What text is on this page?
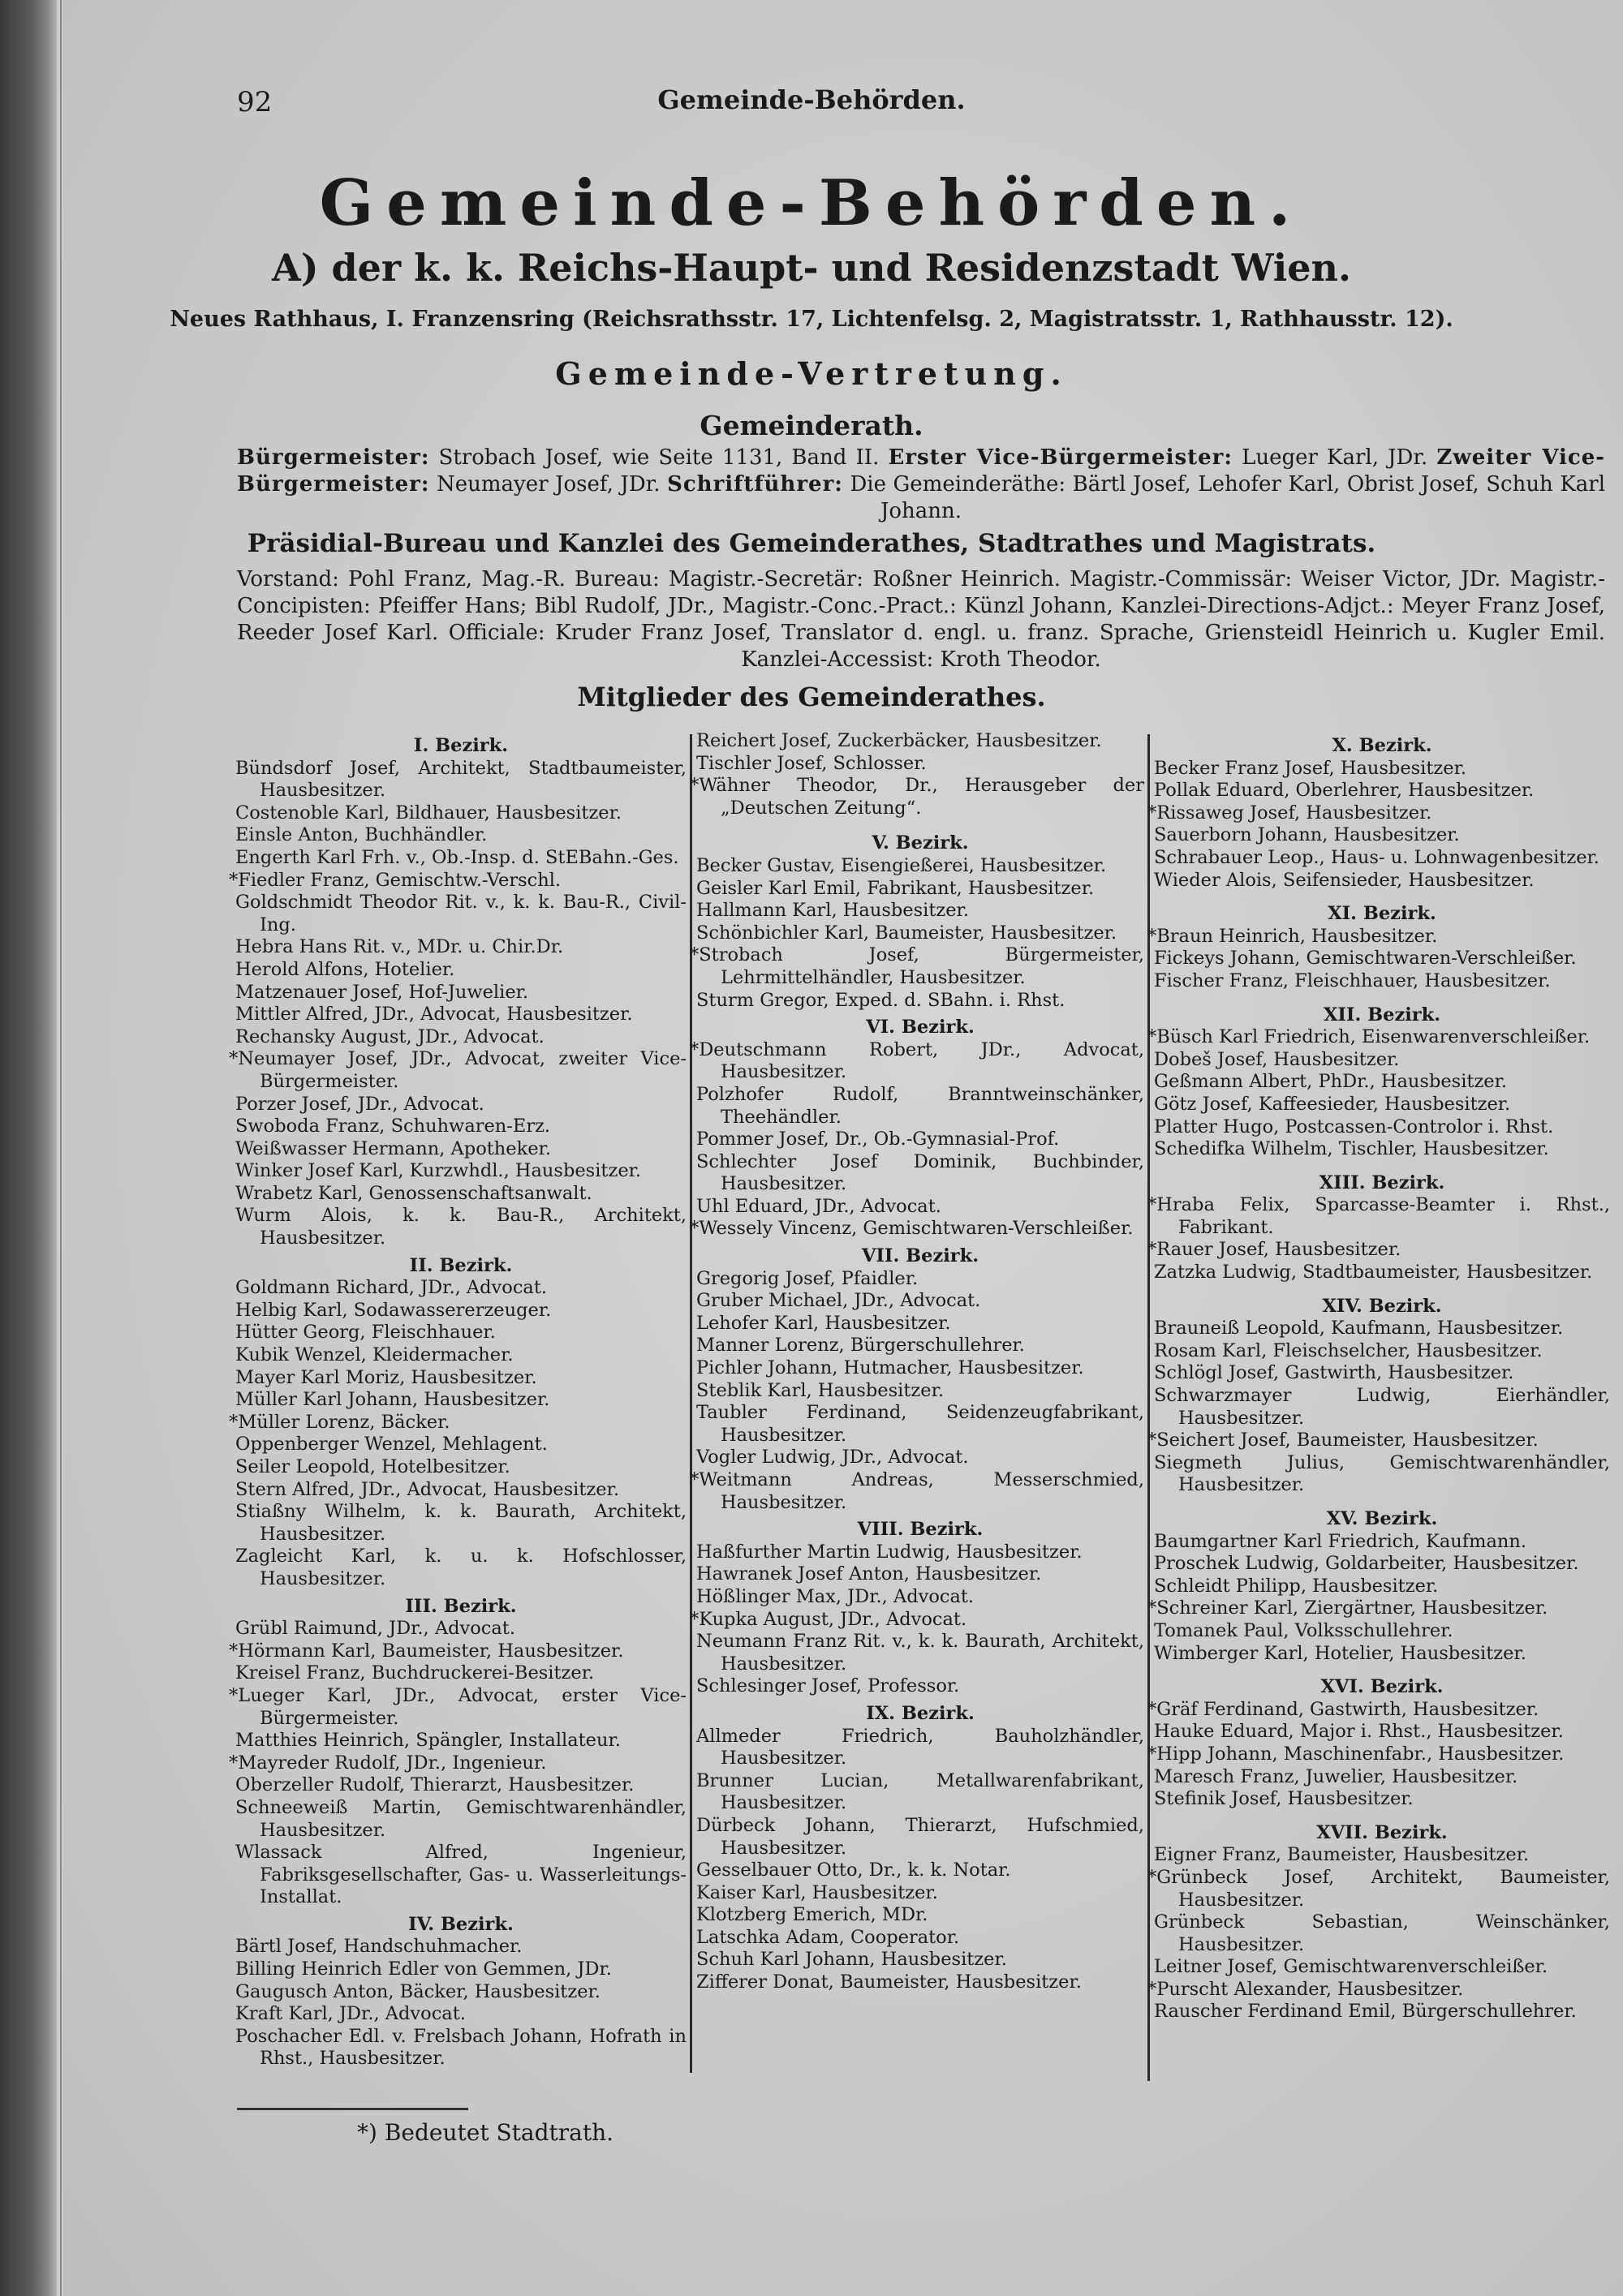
92	Gemeinde-Behörden.
Gemeinde-Behörden.
A) der k. k. Reichs-Haupt- und Residenzstadt Wien.
Neues Rathhaus, I. Franzensring (Reichsrathsstr. 17, Lichtenfelsg. 2, Magistratsstr. 1, Rathhausstr. 12).
Gemeinde-Vertretung.
Gemeinderath.
Bürgermeister: Strobach Josef, wie Seite 1131, Band II. Erster Vice-Bürgermeister: Lueger Karl, JDr. Zweiter Vice-Bürgermeister: Neumayer Josef, JDr. Schriftführer: Die Gemeinderäthe: Bärtl Josef, Lehofer Karl, Obrist Josef, Schuh Karl Johann.
Präsidial-Bureau und Kanzlei des Gemeinderathes, Stadtrathes und Magistrats.
Vorstand: Pohl Franz, Mag.-R. Bureau: Magistr.-Secretär: Roßner Heinrich. Magistr.-Commissär: Weiser Victor, JDr. Magistr.-Concipisten: Pfeiffer Hans; Bibl Rudolf, JDr., Magistr.-Conc.-Pract.: Künzl Johann, Kanzlei-Directions-Adjct.: Meyer Franz Josef, Reeder Josef Karl. Officiale: Kruder Franz Josef, Translator d. engl. u. franz. Sprache, Griensteidl Heinrich u. Kugler Emil. Kanzlei-Accessist: Kroth Theodor.
Mitglieder des Gemeinderathes.
I. Bezirk.

Bündsdorf Josef, Architekt, Stadtbaumeister, Hausbesitzer.

Costenoble Karl, Bildhauer, Hausbesitzer.

Einsle Anton, Buchhändler.

Engerth Karl Frh. v., Ob.-Insp. d. StEBahn.-Ges.

*Fiedler Franz, Gemischtw.-Verschl.

Goldschmidt Theodor Rit. v., k. k. Bau-R., Civil-Ing.

Hebra Hans Rit. v., MDr. u. Chir.Dr.

Herold Alfons, Hotelier.

Matzenauer Josef, Hof-Juwelier.

Mittler Alfred, JDr., Advocat, Hausbesitzer.

Rechansky August, JDr., Advocat.

*Neumayer Josef, JDr., Advocat, zweiter Vice-Bürgermeister.

Porzer Josef, JDr., Advocat.

Swoboda Franz, Schuhwaren-Erz.

Weißwasser Hermann, Apotheker.

Winker Josef Karl, Kurzwhdl., Hausbesitzer.

Wrabetz Karl, Genossenschaftsanwalt.

Wurm Alois, k. k. Bau-R., Architekt, Hausbesitzer.

II. Bezirk.

Goldmann Richard, JDr., Advocat.

Helbig Karl, Sodawassererzeuger.

Hütter Georg, Fleischhauer.

Kubik Wenzel, Kleidermacher.

Mayer Karl Moriz, Hausbesitzer.

Müller Karl Johann, Hausbesitzer.

*Müller Lorenz, Bäcker.

Oppenberger Wenzel, Mehlagent.

Seiler Leopold, Hotelbesitzer.

Stern Alfred, JDr., Advocat, Hausbesitzer.

Stiaßny Wilhelm, k. k. Baurath, Architekt, Hausbesitzer.

Zagleicht Karl, k. u. k. Hofschlosser, Hausbesitzer.

III. Bezirk.

Grübl Raimund, JDr., Advocat.

*Hörmann Karl, Baumeister, Hausbesitzer.

Kreisel Franz, Buchdruckerei-Besitzer.

*Lueger Karl, JDr., Advocat, erster Vice-Bürgermeister.

Matthies Heinrich, Spängler, Installateur.

*Mayreder Rudolf, JDr., Ingenieur.

Oberzeller Rudolf, Thierarzt, Hausbesitzer.

Schneeweiß Martin, Gemischtwarenhändler, Hausbesitzer.

Wlassack Alfred, Ingenieur, Fabriksgesellschafter, Gas- u. Wasserleitungs-Installat.

IV. Bezirk.

Bärtl Josef, Handschuhmacher.

Billing Heinrich Edler von Gemmen, JDr.

Gaugusch Anton, Bäcker, Hausbesitzer.

Kraft Karl, JDr., Advocat.

Poschacher Edl. v. Frelsbach Johann, Hofrath in Rhst., Hausbesitzer.

Reichert Josef, Zuckerbäcker, Hausbesitzer.

Tischler Josef, Schlosser.

*Wähner Theodor, Dr., Herausgeber der „Deutschen Zeitung“.

V. Bezirk.

Becker Gustav, Eisengießerei, Hausbesitzer.

Geisler Karl Emil, Fabrikant, Hausbesitzer.

Hallmann Karl, Hausbesitzer.

Schönbichler Karl, Baumeister, Hausbesitzer.

*Strobach Josef, Bürgermeister, Lehrmittelhändler, Hausbesitzer.

Sturm Gregor, Exped. d. SBahn. i. Rhst.

VI. Bezirk.

*Deutschmann Robert, JDr., Advocat, Hausbesitzer.

Polzhofer Rudolf, Branntweinschänker, Theehändler.

Pommer Josef, Dr., Ob.-Gymnasial-Prof.

Schlechter Josef Dominik, Buchbinder, Hausbesitzer.

Uhl Eduard, JDr., Advocat.

*Wessely Vincenz, Gemischtwaren-Verschleißer.

VII. Bezirk.

Gregorig Josef, Pfaidler.

Gruber Michael, JDr., Advocat.

Lehofer Karl, Hausbesitzer.

Manner Lorenz, Bürgerschullehrer.

Pichler Johann, Hutmacher, Hausbesitzer.

Steblik Karl, Hausbesitzer.

Taubler Ferdinand, Seidenzeugfabrikant, Hausbesitzer.

Vogler Ludwig, JDr., Advocat.

*Weitmann Andreas, Messerschmied, Hausbesitzer.

VIII. Bezirk.

Haßfurther Martin Ludwig, Hausbesitzer.

Hawranek Josef Anton, Hausbesitzer.

Hößlinger Max, JDr., Advocat.

*Kupka August, JDr., Advocat.

Neumann Franz Rit. v., k. k. Baurath, Architekt, Hausbesitzer.

Schlesinger Josef, Professor.

IX. Bezirk.

Allmeder Friedrich, Bauholzhändler, Hausbesitzer.

Brunner Lucian, Metallwarenfabrikant, Hausbesitzer.

Dürbeck Johann, Thierarzt, Hufschmied, Hausbesitzer.

Gesselbauer Otto, Dr., k. k. Notar.

Kaiser Karl, Hausbesitzer.

Klotzberg Emerich, MDr.

Latschka Adam, Cooperator.

Schuh Karl Johann, Hausbesitzer.

Zifferer Donat, Baumeister, Hausbesitzer.

X. Bezirk.

Becker Franz Josef, Hausbesitzer.

Pollak Eduard, Oberlehrer, Hausbesitzer.

*Rissaweg Josef, Hausbesitzer.

Sauerborn Johann, Hausbesitzer.

Schrabauer Leop., Haus- u. Lohnwagenbesitzer.

Wieder Alois, Seifensieder, Hausbesitzer.

XI. Bezirk.

*Braun Heinrich, Hausbesitzer.

Fickeys Johann, Gemischtwaren-Verschleißer.

Fischer Franz, Fleischhauer, Hausbesitzer.

XII. Bezirk.

*Büsch Karl Friedrich, Eisenwarenverschleißer.

Dobeš Josef, Hausbesitzer.

Geßmann Albert, PhDr., Hausbesitzer.

Götz Josef, Kaffeesieder, Hausbesitzer.

Platter Hugo, Postcassen-Controlor i. Rhst.

Schedifka Wilhelm, Tischler, Hausbesitzer.

XIII. Bezirk.

*Hraba Felix, Sparcasse-Beamter i. Rhst., Fabrikant.

*Rauer Josef, Hausbesitzer.

Zatzka Ludwig, Stadtbaumeister, Hausbesitzer.

XIV. Bezirk.

Brauneiß Leopold, Kaufmann, Hausbesitzer.

Rosam Karl, Fleischselcher, Hausbesitzer.

Schlögl Josef, Gastwirth, Hausbesitzer.

Schwarzmayer Ludwig, Eierhändler, Hausbesitzer.

*Seichert Josef, Baumeister, Hausbesitzer.

Siegmeth Julius, Gemischtwarenhändler, Hausbesitzer.

XV. Bezirk.

Baumgartner Karl Friedrich, Kaufmann.

Proschek Ludwig, Goldarbeiter, Hausbesitzer.

Schleidt Philipp, Hausbesitzer.

*Schreiner Karl, Ziergärtner, Hausbesitzer.

Tomanek Paul, Volksschullehrer.

Wimberger Karl, Hotelier, Hausbesitzer.

XVI. Bezirk.

*Gräf Ferdinand, Gastwirth, Hausbesitzer.

Hauke Eduard, Major i. Rhst., Hausbesitzer.

*Hipp Johann, Maschinenfabr., Hausbesitzer.

Maresch Franz, Juwelier, Hausbesitzer.

Stefinik Josef, Hausbesitzer.

XVII. Bezirk.

Eigner Franz, Baumeister, Hausbesitzer.

*Grünbeck Josef, Architekt, Baumeister, Hausbesitzer.

Grünbeck Sebastian, Weinschänker, Hausbesitzer.

Leitner Josef, Gemischtwarenverschleißer.

*Purscht Alexander, Hausbesitzer.

Rauscher Ferdinand Emil, Bürgerschullehrer.

*) Bedeutet Stadtrath.
